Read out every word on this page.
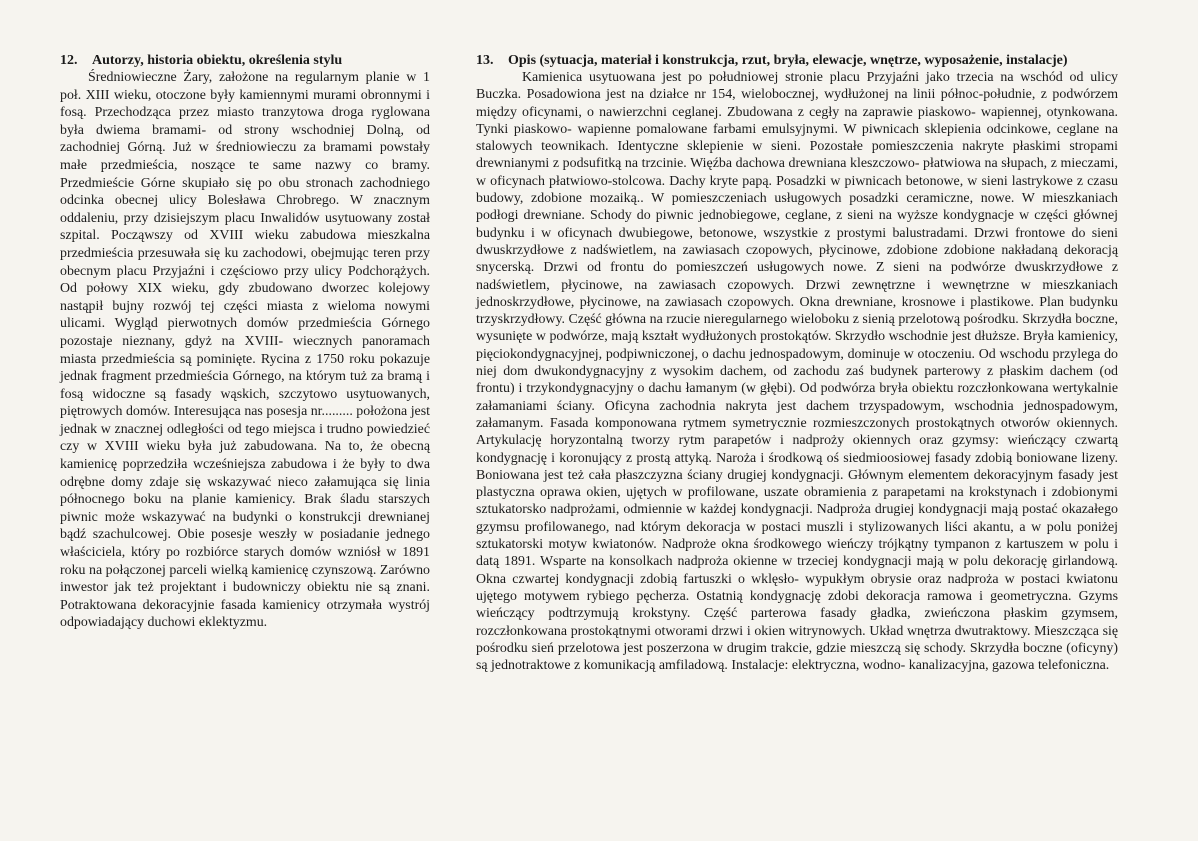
12. Autorzy, historia obiektu, określenia stylu

Średniowieczne Żary, założone na regularnym planie w 1 poł. XIII wieku, otoczone były kamiennymi murami obronnymi i fosą. Przechodząca przez miasto tranzytowa droga ryglowana była dwiema bramami- od strony wschodniej Dolną, od zachodniej Górną. Już w średniowieczu za bramami powstały małe przedmieścia, noszące te same nazwy co bramy. Przedmieście Górne skupiało się po obu stronach zachodniego odcinka obecnej ulicy Bolesława Chrobrego. W znacznym oddaleniu, przy dzisiejszym placu Inwalidów usytuowany został szpital. Począwszy od XVIII wieku zabudowa mieszkalna przedmieścia przesuwała się ku zachodowi, obejmując teren przy obecnym placu Przyjaźni i częściowo przy ulicy Podchorążych. Od połowy XIX wieku, gdy zbudowano dworzec kolejowy nastąpił bujny rozwój tej części miasta z wieloma nowymi ulicami. Wygląd pierwotnych domów przedmieścia Górnego pozostaje nieznany, gdyż na XVIII- wiecznych panoramach miasta przedmieścia są pominięte. Rycina z 1750 roku pokazuje jednak fragment przedmieścia Górnego, na którym tuż za bramą i fosą widoczne są fasady wąskich, szczytowo usytuowanych, piętrowych domów. Interesująca nas posesja nr......... położona jest jednak w znacznej odległości od tego miejsca i trudno powiedzieć czy w XVIII wieku była już zabudowana. Na to, że obecną kamienicę poprzedziła wcześniejsza zabudowa i że były to dwa odrębne domy zdaje się wskazywać nieco załamująca się linia północnego boku na planie kamienicy. Brak śladu starszych piwnic może wskazywać na budynki o konstrukcji drewnianej bądź szachulcowej. Obie posesje weszły w posiadanie jednego właściciela, który po rozbiórce starych domów wzniósł w 1891 roku na połączonej parceli wielką kamienicę czynszową. Zarówno inwestor jak też projektant i budowniczy obiektu nie są znani. Potraktowana dekoracyjnie fasada kamienicy otrzymała wystrój odpowiadający duchowi eklektyzmu.

13. Opis (sytuacja, materiał i konstrukcja, rzut, bryła, elewacje, wnętrze, wyposażenie, instalacje)

Kamienica usytuowana jest po południowej stronie placu Przyjaźni jako trzecia na wschód od ulicy Buczka. Posadowiona jest na działce nr 154, wielobocznej, wydłużonej na linii północ-południe, z podwórzem między oficynami, o nawierzchni ceglanej. Zbudowana z cegły na zaprawie piaskowo- wapiennej, otynkowana. Tynki piaskowo- wapienne pomalowane farbami emulsyjnymi. W piwnicach sklepienia odcinkowe, ceglane na stalowych teownikach. Identyczne sklepienie w sieni. Pozostałe pomieszczenia nakryte płaskimi stropami drewnianymi z podsufitką na trzcinie. Więźba dachowa drewniana kleszczowo- płatwiowa na słupach, z mieczami, w oficynach płatwiowo-stolcowa. Dachy kryte papą. Posadzki w piwnicach betonowe, w sieni lastrykowe z czasu budowy, zdobione mozaiką.. W pomieszczeniach usługowych posadzki ceramiczne, nowe. W mieszkaniach podłogi drewniane. Schody do piwnic jednobiegowe, ceglane, z sieni na wyższe kondygnacje w części głównej budynku i w oficynach dwubiegowe, betonowe, wszystkie z prostymi balustradami. Drzwi frontowe do sieni dwuskrzydłowe z nadświetlem, na zawiasach czopowych, płycinowe, zdobione zdobione nakładaną dekoracją snycerską. Drzwi od frontu do pomieszczeń usługowych nowe. Z sieni na podwórze dwuskrzydłowe z nadświetlem, płycinowe, na zawiasach czopowych. Drzwi zewnętrzne i wewnętrzne w mieszkaniach jednoskrzydłowe, płycinowe, na zawiasach czopowych. Okna drewniane, krosnowe i plastikowe. Plan budynku trzyskrzydłowy. Część główna na rzucie nieregularnego wieloboku z sienią przelotową pośrodku. Skrzydła boczne, wysunięte w podwórze, mają kształt wydłużonych prostokątów. Skrzydło wschodnie jest dłuższe. Bryła kamienicy, pięciokondygnacyjnej, podpiwniczonej, o dachu jednospadowym, dominuje w otoczeniu. Od wschodu przylega do niej dom dwukondygnacyjny z wysokim dachem, od zachodu zaś budynek parterowy z płaskim dachem (od frontu) i trzykondygnacyjny o dachu łamanym (w głębi). Od podwórza bryła obiektu rozczłonkowana wertykalnie załamaniami ściany. Oficyna zachodnia nakryta jest dachem trzyspadowym, wschodnia jednospadowym, załamanym. Fasada komponowana rytmem symetrycznie rozmieszczonych prostokątnych otworów okiennych. Artykulację horyzontalną tworzy rytm parapetów i nadproży okiennych oraz gzymsy: wieńczący czwartą kondygnację i koronujący z prostą attyką. Naroża i środkową oś siedmioosiowej fasady zdobią boniowane lizeny. Boniowana jest też cała płaszczyzna ściany drugiej kondygnacji. Głównym elementem dekoracyjnym fasady jest plastyczna oprawa okien, ujętych w profilowane, uszate obramienia z parapetami na krokstynach i zdobionymi sztukatorsko nadprożami, odmiennie w każdej kondygnacji. Nadproża drugiej kondygnacji mają postać okazałego gzymsu profilowanego, nad którym dekoracja w postaci muszli i stylizowanych liści akantu, a w polu poniżej sztukatorski motyw kwiatonów. Nadproże okna środkowego wieńczy trójkątny tympanon z kartuszem w polu i datą 1891. Wsparte na konsolkach nadproża okienne w trzeciej kondygnacji mają w polu dekorację girlandową. Okna czwartej kondygnacji zdobią fartuszki o wklęsło- wypukłym obrysie oraz nadproża w postaci kwiatonu ujętego motywem rybiego pęcherza. Ostatnią kondygnację zdobi dekoracja ramowa i geometryczna. Gzyms wieńczący podtrzymują krokstyny. Część parterowa fasady gładka, zwieńczona płaskim gzymsem, rozczłonkowana prostokątnymi otworami drzwi i okien witrynowych. Układ wnętrza dwutraktowy. Mieszcząca się pośrodku sień przelotowa jest poszerzona w drugim trakcie, gdzie mieszczą się schody. Skrzydła boczne (oficyny) są jednotraktowe z komunikacją amfiladową. Instalacje: elektryczna, wodno- kanalizacyjna, gazowa telefoniczna.
